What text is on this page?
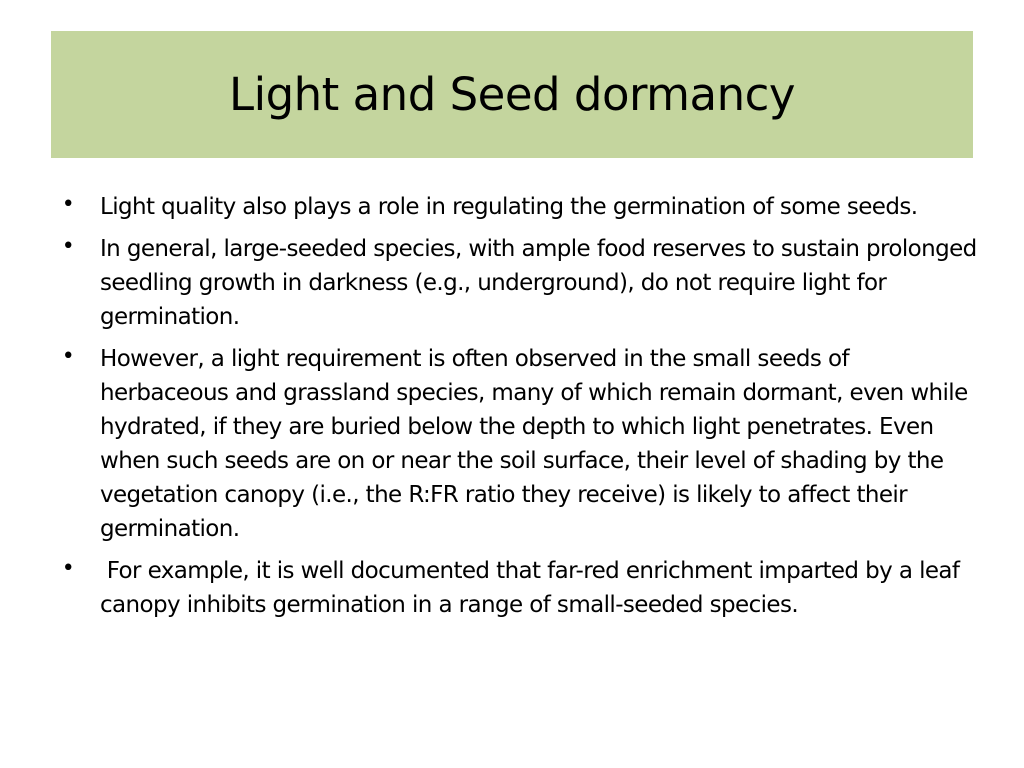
Light and Seed dormancy
• Light quality also plays a role in regulating the germination of some seeds.
• In general, large-seeded species, with ample food reserves to sustain prolonged seedling growth in darkness (e.g., underground), do not require light for germination.
• However, a light requirement is often observed in the small seeds of herbaceous and grassland species, many of which remain dormant, even while hydrated, if they are buried below the depth to which light penetrates. Even when such seeds are on or near the soil surface, their level of shading by the vegetation canopy (i.e., the R:FR ratio they receive) is likely to affect their germination.
• For example, it is well documented that far-red enrichment imparted by a leaf canopy inhibits germination in a range of small-seeded species.
